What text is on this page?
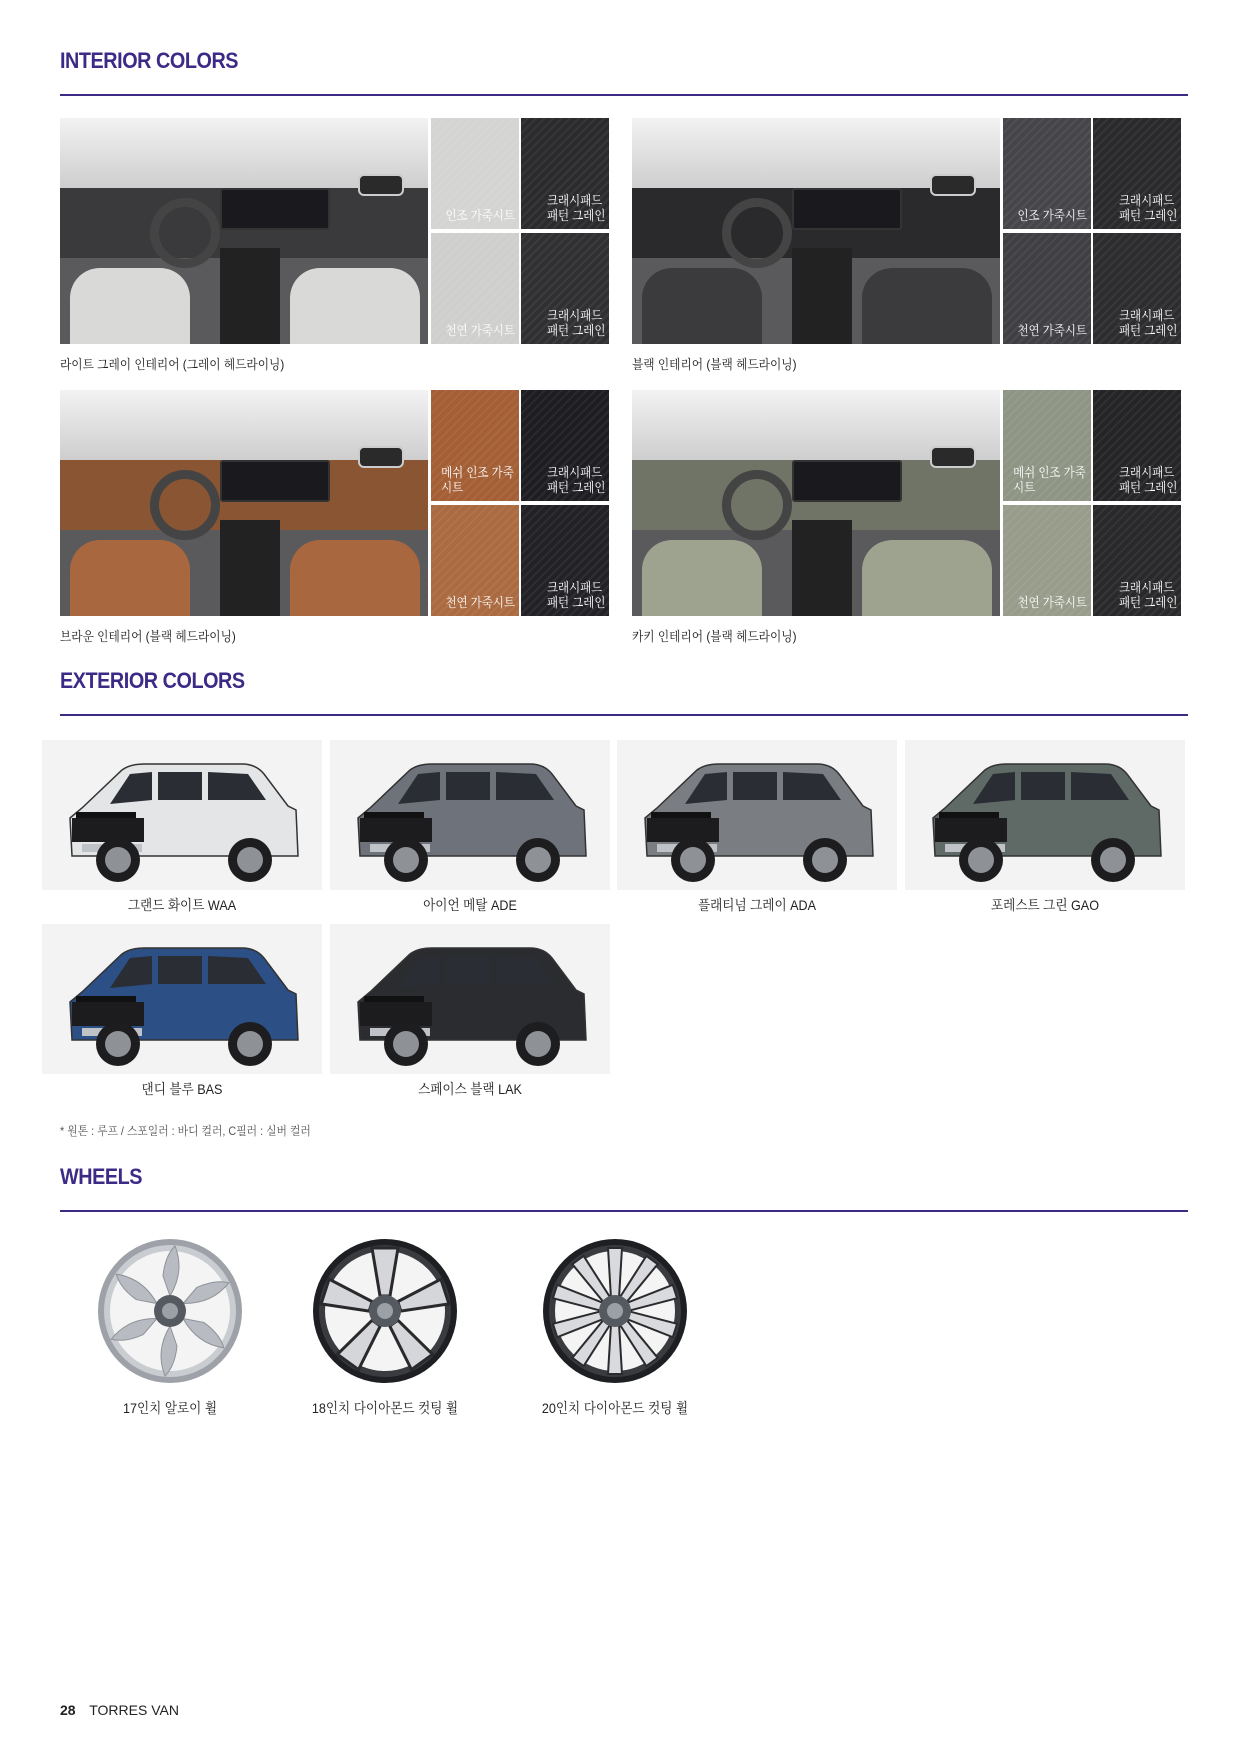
INTERIOR COLORS
인조 가죽시트
크래시패드
패턴 그레인
천연 가죽시트
크래시패드
패턴 그레인
라이트 그레이 인테리어 (그레이 헤드라이닝)
인조 가죽시트
크래시패드
패턴 그레인
천연 가죽시트
크래시패드
패턴 그레인
블랙 인테리어 (블랙 헤드라이닝)
메쉬 인조 가죽시트
크래시패드
패턴 그레인
천연 가죽시트
크래시패드
패턴 그레인
브라운 인테리어 (블랙 헤드라이닝)
메쉬 인조 가죽시트
크래시패드
패턴 그레인
천연 가죽시트
크래시패드
패턴 그레인
카키 인테리어 (블랙 헤드라이닝)
EXTERIOR COLORS
그랜드 화이트 WAA	아이언 메탈 ADE	플래티넘 그레이 ADA	포레스트 그린 GAO
댄디 블루 BAS	스페이스 블랙 LAK
* 원톤 : 루프 / 스포일러 : 바디 컬러, C필러 : 실버 컬러
WHEELS
17인치 알로이 휠	18인치 다이아몬드 컷팅 휠	20인치 다이아몬드 컷팅 휠
28 TORRES VAN
